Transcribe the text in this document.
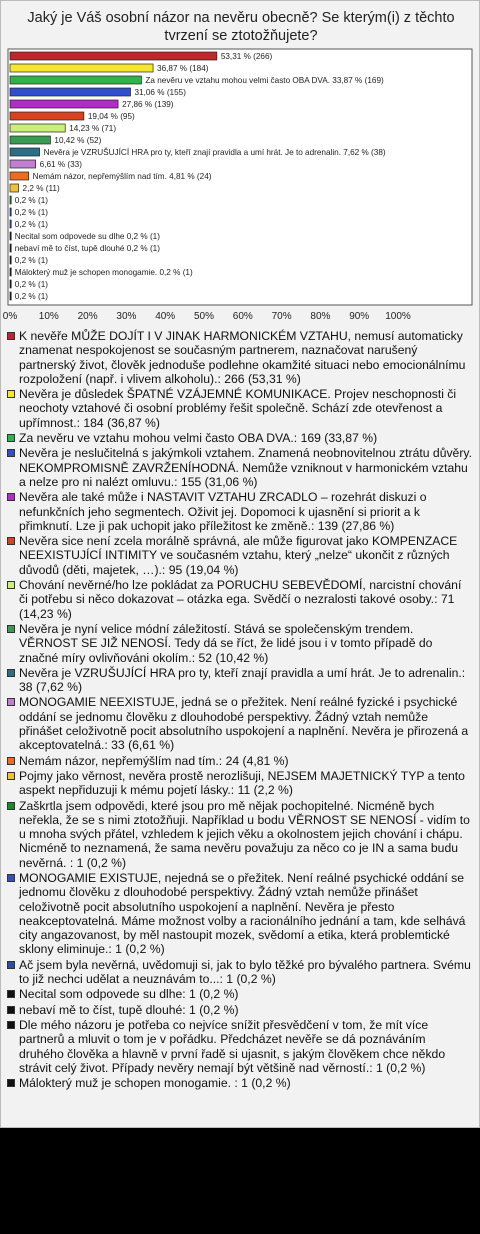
Jaký je Váš osobní názor na nevěru obecně? Se kterým(i) z těchto tvrzení se ztotožňujete?
53,31 % (266)
36,87 % (184)
Za nevěru ve vztahu mohou velmi často OBA DVA. 33,87 % (169)
31,06 % (155)
27,86 % (139)
19,04 % (95)
14,23 % (71)
10,42 % (52)
Nevěra je VZRUŠUJÍCÍ HRA pro ty, kteří znají pravidla a umí hrát. Je to adrenalin. 7,62 % (38)
6,61 % (33)
Nemám názor, nepřemýšlím nad tím. 4,81 % (24)
2,2 % (11)
0,2 % (1)
0,2 % (1)
0,2 % (1)
Necital som odpovede su dlhe 0,2 % (1)
nebaví mě to číst, tupě dlouhé 0,2 % (1)
0,2 % (1)
Málokterý muž je schopen monogamie. 0,2 % (1)
0,2 % (1)
0,2 % (1)
0% 10% 20% 30% 40% 50% 60% 70% 80% 90% 100%
K nevěře MŮŽE DOJÍT I V JINAK HARMONICKÉM VZTAHU, nemusí automaticky znamenat nespokojenost se současným partnerem, naznačovat narušený partnerský život, člověk jednoduše podlehne okamžité situaci nebo emocionálnímu rozpoložení (např. i vlivem alkoholu).: 266 (53,31 %)
Nevěra je důsledek ŠPATNÉ VZÁJEMNÉ KOMUNIKACE. Projev neschopnosti či neochoty vztahové či osobní problémy řešit společně. Schází zde otevřenost a upřímnost.: 184 (36,87 %)
Za nevěru ve vztahu mohou velmi často OBA DVA.: 169 (33,87 %)
Nevěra je neslučitelná s jakýmkoli vztahem. Znamená neobnovitelnou ztrátu důvěry. NEKOMPROMISNĚ ZAVRŽENÍHODNÁ. Nemůže vzniknout v harmonickém vztahu a nelze pro ni nalézt omluvu.: 155 (31,06 %)
Nevěra ale také může i NASTAVIT VZTAHU ZRCADLO – rozehrát diskuzi o nefunkčních jeho segmentech. Oživit jej. Dopomoci k ujasnění si priorit a k přimknutí. Lze ji pak uchopit jako příležitost ke změně.: 139 (27,86 %)
Nevěra sice není zcela morálně správná, ale může figurovat jako KOMPENZACE NEEXISTUJÍCÍ INTIMITY ve současném vztahu, který „nelze“ ukončit z různých důvodů (děti, majetek, …).: 95 (19,04 %)
Chování nevěrné/ho lze pokládat za PORUCHU SEBEVĚDOMÍ, narcistní chování či potřebu si něco dokazovat – otázka ega. Svědčí o nezralosti takové osoby.: 71 (14,23 %)
Nevěra je nyní velice módní záležitostí. Stává se společenským trendem. VĚRNOST SE JIŽ NENOSÍ. Tedy dá se říct, že lidé jsou i v tomto případě do značné míry ovlivňováni okolím.: 52 (10,42 %)
Nevěra je VZRUŠUJÍCÍ HRA pro ty, kteří znají pravidla a umí hrát. Je to adrenalin.: 38 (7,62 %)
MONOGAMIE NEEXISTUJE, jedná se o přežitek. Není reálné fyzické i psychické oddání se jednomu člověku z dlouhodobé perspektivy. Žádný vztah nemůže přinášet celoživotně pocit absolutního uspokojení a naplnění. Nevěra je přirozená a akceptovatelná.: 33 (6,61 %)
Nemám názor, nepřemýšlím nad tím.: 24 (4,81 %)
Pojmy jako věrnost, nevěra prostě nerozlišuji, NEJSEM MAJETNICKÝ TYP a tento aspekt nepřiduzuji k mému pojetí lásky.: 11 (2,2 %)
Zaškrtla jsem odpovědi, které jsou pro mě nějak pochopitelné. Nicméně bych neřekla, že se s nimi ztotožňuji. Například u bodu VĚRNOST SE NENOSÍ - vidím to u mnoha svých přátel, vzhledem k jejich věku a okolnostem jejich chování i chápu. Nicméně to neznamená, že sama nevěru považuju za něco co je IN a sama budu nevěrná. : 1 (0,2 %)
MONOGAMIE EXISTUJE, nejedná se o přežitek. Není reálné psychické oddání se jednomu člověku z dlouhodobé perspektivy. Žádný vztah nemůže přinášet celoživotně pocit absolutního uspokojení a naplnění. Nevěra je přesto neakceptovatelná. Máme možnost volby a racionálního jednání a tam, kde selhává city angazovanost, by měl nastoupit mozek, svědomí a etika, která problemtické sklony eliminuje.: 1 (0,2 %)
Ač jsem byla nevěrná, uvědomuji si, jak to bylo těžké pro bývalého partnera. Svému to již nechci udělat a neuznávám to...: 1 (0,2 %)
Necital som odpovede su dlhe: 1 (0,2 %)
nebaví mě to číst, tupě dlouhé: 1 (0,2 %)
Dle mého názoru je potřeba co nejvíce snížit přesvědčení v tom, že mít více partnerů a mluvit o tom je v pořádku. Předcházet nevěře se dá poznáváním druhého člověka a hlavně v první řadě si ujasnit, s jakým člověkem chce někdo strávit celý život. Případy nevěry nemají být většině nad věrností.: 1 (0,2 %)
Málokterý muž je schopen monogamie. : 1 (0,2 %)
